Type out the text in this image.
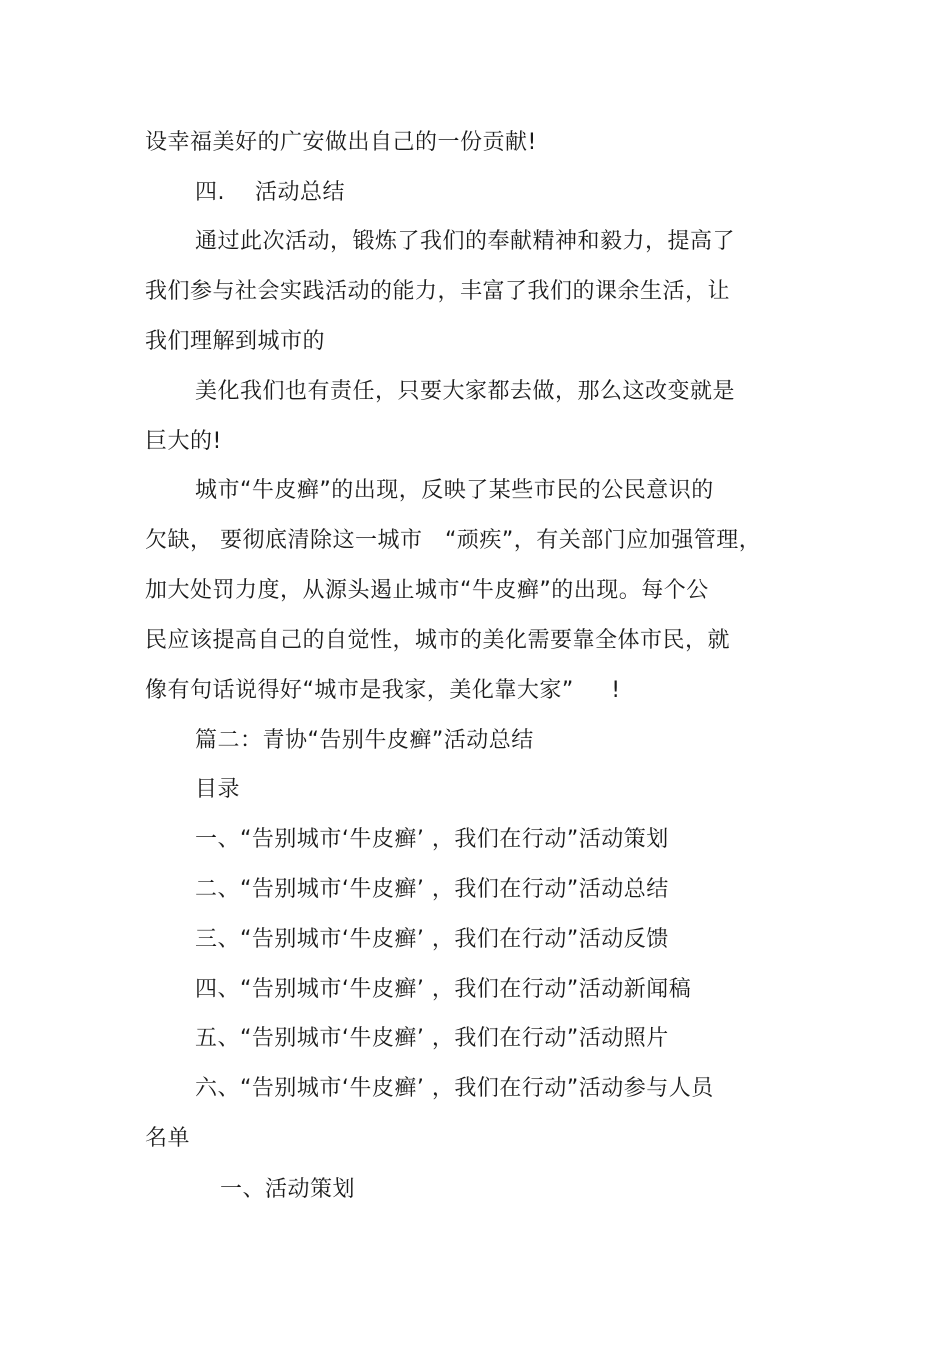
设幸福美好的广安做出自己的一份贡献!
四.    活动总结
通过此次活动，锻炼了我们的奉献精神和毅力，提高了
我们参与社会实践活动的能力，丰富了我们的课余生活，让
我们理解到城市的
美化我们也有责任，只要大家都去做，那么这改变就是
巨大的!
城市“牛皮癣”的出现，反映了某些市民的公民意识的
欠缺， 要彻底清除这一城市   “顽疾”，有关部门应加强管理，
加大处罚力度，从源头遏止城市“牛皮癣”的出现。每个公
民应该提高自己的自觉性，城市的美化需要靠全体市民，就
像有句话说得好“城市是我家，美化靠大家”     !
篇二：青协“告别牛皮癣”活动总结
目录
一、“告别城市‘牛皮癣’ ，我们在行动”活动策划
二、“告别城市‘牛皮癣’ ，我们在行动”活动总结
三、“告别城市‘牛皮癣’ ，我们在行动”活动反馈
四、“告别城市‘牛皮癣’ ，我们在行动”活动新闻稿
五、“告别城市‘牛皮癣’ ，我们在行动”活动照片
六、“告别城市‘牛皮癣’ ，我们在行动”活动参与人员
名单
一、活动策划
